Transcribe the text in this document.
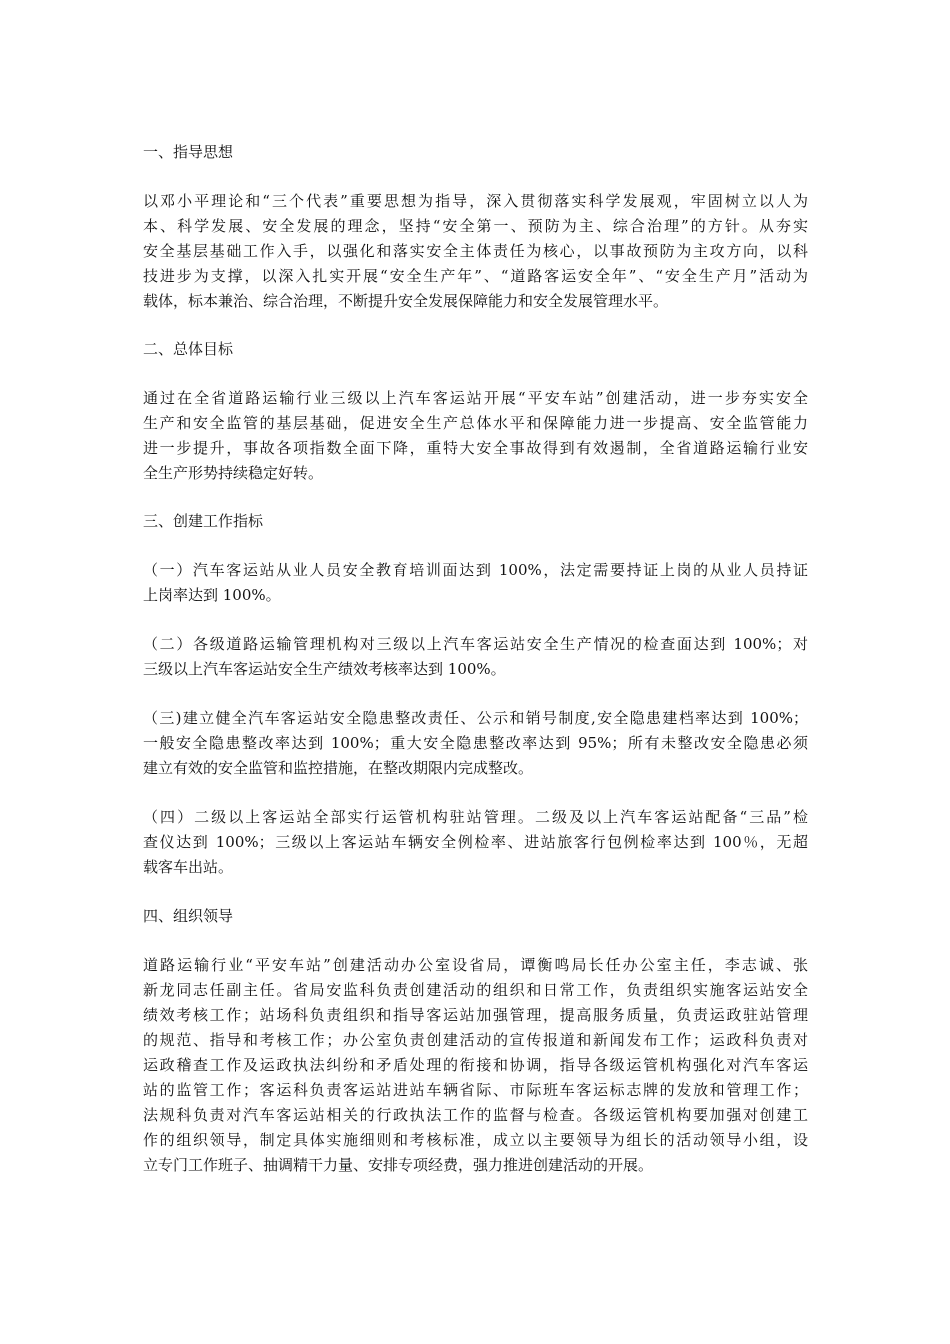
一、指导思想
以邓小平理论和“三个代表”重要思想为指导，深入贯彻落实科学发展观，牢固树立以人为
本、科学发展、安全发展的理念，坚持“安全第一、预防为主、综合治理”的方针。从夯实
安全基层基础工作入手，以强化和落实安全主体责任为核心，以事故预防为主攻方向，以科
技进步为支撑，以深入扎实开展“安全生产年”、“道路客运安全年”、“安全生产月”活动为
载体，标本兼治、综合治理，不断提升安全发展保障能力和安全发展管理水平。
二、总体目标
通过在全省道路运输行业三级以上汽车客运站开展“平安车站”创建活动，进一步夯实安全
生产和安全监管的基层基础，促进安全生产总体水平和保障能力进一步提高、安全监管能力
进一步提升，事故各项指数全面下降，重特大安全事故得到有效遏制，全省道路运输行业安
全生产形势持续稳定好转。
三、创建工作指标
（一）汽车客运站从业人员安全教育培训面达到 100%，法定需要持证上岗的从业人员持证
上岗率达到 100%。
（二）各级道路运输管理机构对三级以上汽车客运站安全生产情况的检查面达到 100%；对
三级以上汽车客运站安全生产绩效考核率达到 100%。
（三)建立健全汽车客运站安全隐患整改责任、公示和销号制度,安全隐患建档率达到 100%；
一般安全隐患整改率达到 100%；重大安全隐患整改率达到 95%；所有未整改安全隐患必须
建立有效的安全监管和监控措施，在整改期限内完成整改。
（四）二级以上客运站全部实行运管机构驻站管理。二级及以上汽车客运站配备“三品”检
查仪达到 100%；三级以上客运站车辆安全例检率、进站旅客行包例检率达到 100％，无超
载客车出站。
四、组织领导
道路运输行业“平安车站”创建活动办公室设省局，谭衡鸣局长任办公室主任，李志诚、张
新龙同志任副主任。省局安监科负责创建活动的组织和日常工作，负责组织实施客运站安全
绩效考核工作；站场科负责组织和指导客运站加强管理，提高服务质量，负责运政驻站管理
的规范、指导和考核工作；办公室负责创建活动的宣传报道和新闻发布工作；运政科负责对
运政稽查工作及运政执法纠纷和矛盾处理的衔接和协调，指导各级运管机构强化对汽车客运
站的监管工作；客运科负责客运站进站车辆省际、市际班车客运标志牌的发放和管理工作；
法规科负责对汽车客运站相关的行政执法工作的监督与检查。各级运管机构要加强对创建工
作的组织领导，制定具体实施细则和考核标准，成立以主要领导为组长的活动领导小组，设
立专门工作班子、抽调精干力量、安排专项经费，强力推进创建活动的开展。
